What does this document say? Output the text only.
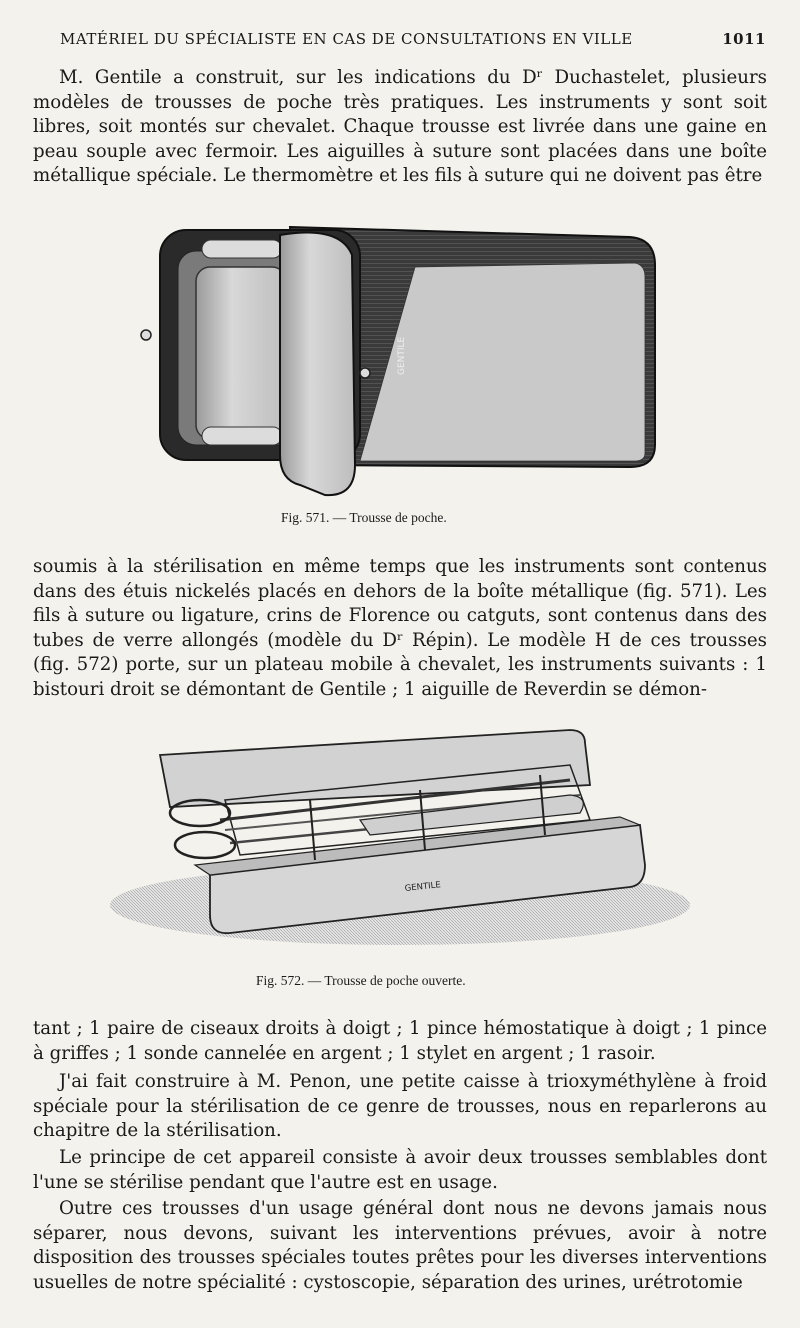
MATÉRIEL DU SPÉCIALISTE EN CAS DE CONSULTATIONS EN VILLE	1011

M. Gentile a construit, sur les indications du Dʳ Duchastelet, plusieurs modèles de trousses de poche très pratiques. Les instruments y sont soit libres, soit montés sur chevalet. Chaque trousse est livrée dans une gaine en peau souple avec fermoir. Les aiguilles à suture sont placées dans une boîte métallique spéciale. Le thermomètre et les fils à suture qui ne doivent pas être

GENTILE
Fig. 571. — Trousse de poche.

soumis à la stérilisation en même temps que les instruments sont contenus dans des étuis nickelés placés en dehors de la boîte métallique (fig. 571). Les fils à suture ou ligature, crins de Florence ou catguts, sont contenus dans des tubes de verre allongés (modèle du Dʳ Répin). Le modèle H de ces trousses (fig. 572) porte, sur un plateau mobile à chevalet, les instruments suivants : 1 bistouri droit se démontant de Gentile ; 1 aiguille de Reverdin se démon-

GENTILE
Fig. 572. — Trousse de poche ouverte.

tant ; 1 paire de ciseaux droits à doigt ; 1 pince hémostatique à doigt ; 1 pince à griffes ; 1 sonde cannelée en argent ; 1 stylet en argent ; 1 rasoir.

J'ai fait construire à M. Penon, une petite caisse à trioxyméthylène à froid spéciale pour la stérilisation de ce genre de trousses, nous en reparlerons au chapitre de la stérilisation.

Le principe de cet appareil consiste à avoir deux trousses semblables dont l'une se stérilise pendant que l'autre est en usage.

Outre ces trousses d'un usage général dont nous ne devons jamais nous séparer, nous devons, suivant les interventions prévues, avoir à notre disposition des trousses spéciales toutes prêtes pour les diverses interventions usuelles de notre spécialité : cystoscopie, séparation des urines, urétrotomie
